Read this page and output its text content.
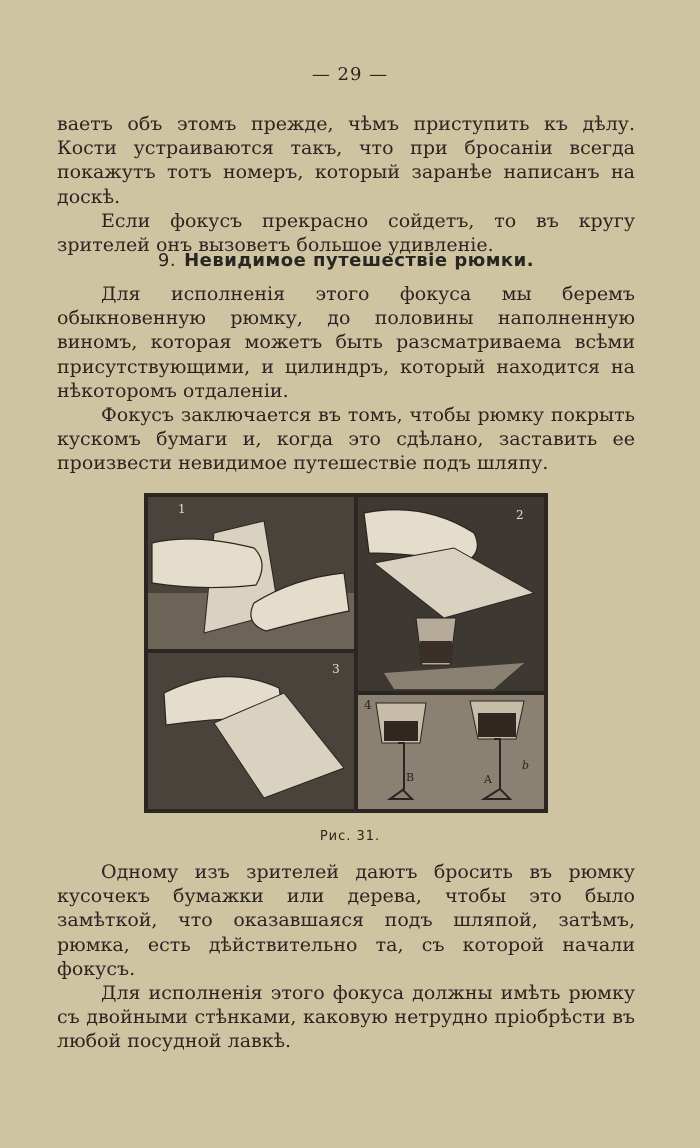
— 29 —

ваетъ объ этомъ прежде, чѣмъ приступить къ дѣлу. Кости устраиваются такъ, что при бросаніи всегда покажутъ тотъ номеръ, который заранѣе написанъ на доскѣ.

Если фокусъ прекрасно сойдетъ, то въ кругу зрителей онъ вызоветъ большое удивленіе.

9. Невидимое путешествіе рюмки.

Для исполненія этого фокуса мы беремъ обыкновенную рюмку, до половины наполненную виномъ, которая можетъ быть разсматриваема всѣми присутствующими, и цилиндръ, который находится на нѣкоторомъ отдаленіи.

Фокусъ заключается въ томъ, чтобы рюмку покрыть кускомъ бумаги и, когда это сдѣлано, заставить ее произвести невидимое путешествіе подъ шляпу.

1	2
3
4
B	A
b
Рис. 31.

Одному изъ зрителей даютъ бросить въ рюмку кусочекъ бумажки или дерева, чтобы это было замѣткой, что оказавшаяся подъ шляпой, затѣмъ, рюмка, есть дѣйствительно та, съ которой начали фокусъ.

Для исполненія этого фокуса должны имѣть рюмку съ двойными стѣнками, каковую нетрудно пріобрѣсти въ любой посудной лавкѣ.
